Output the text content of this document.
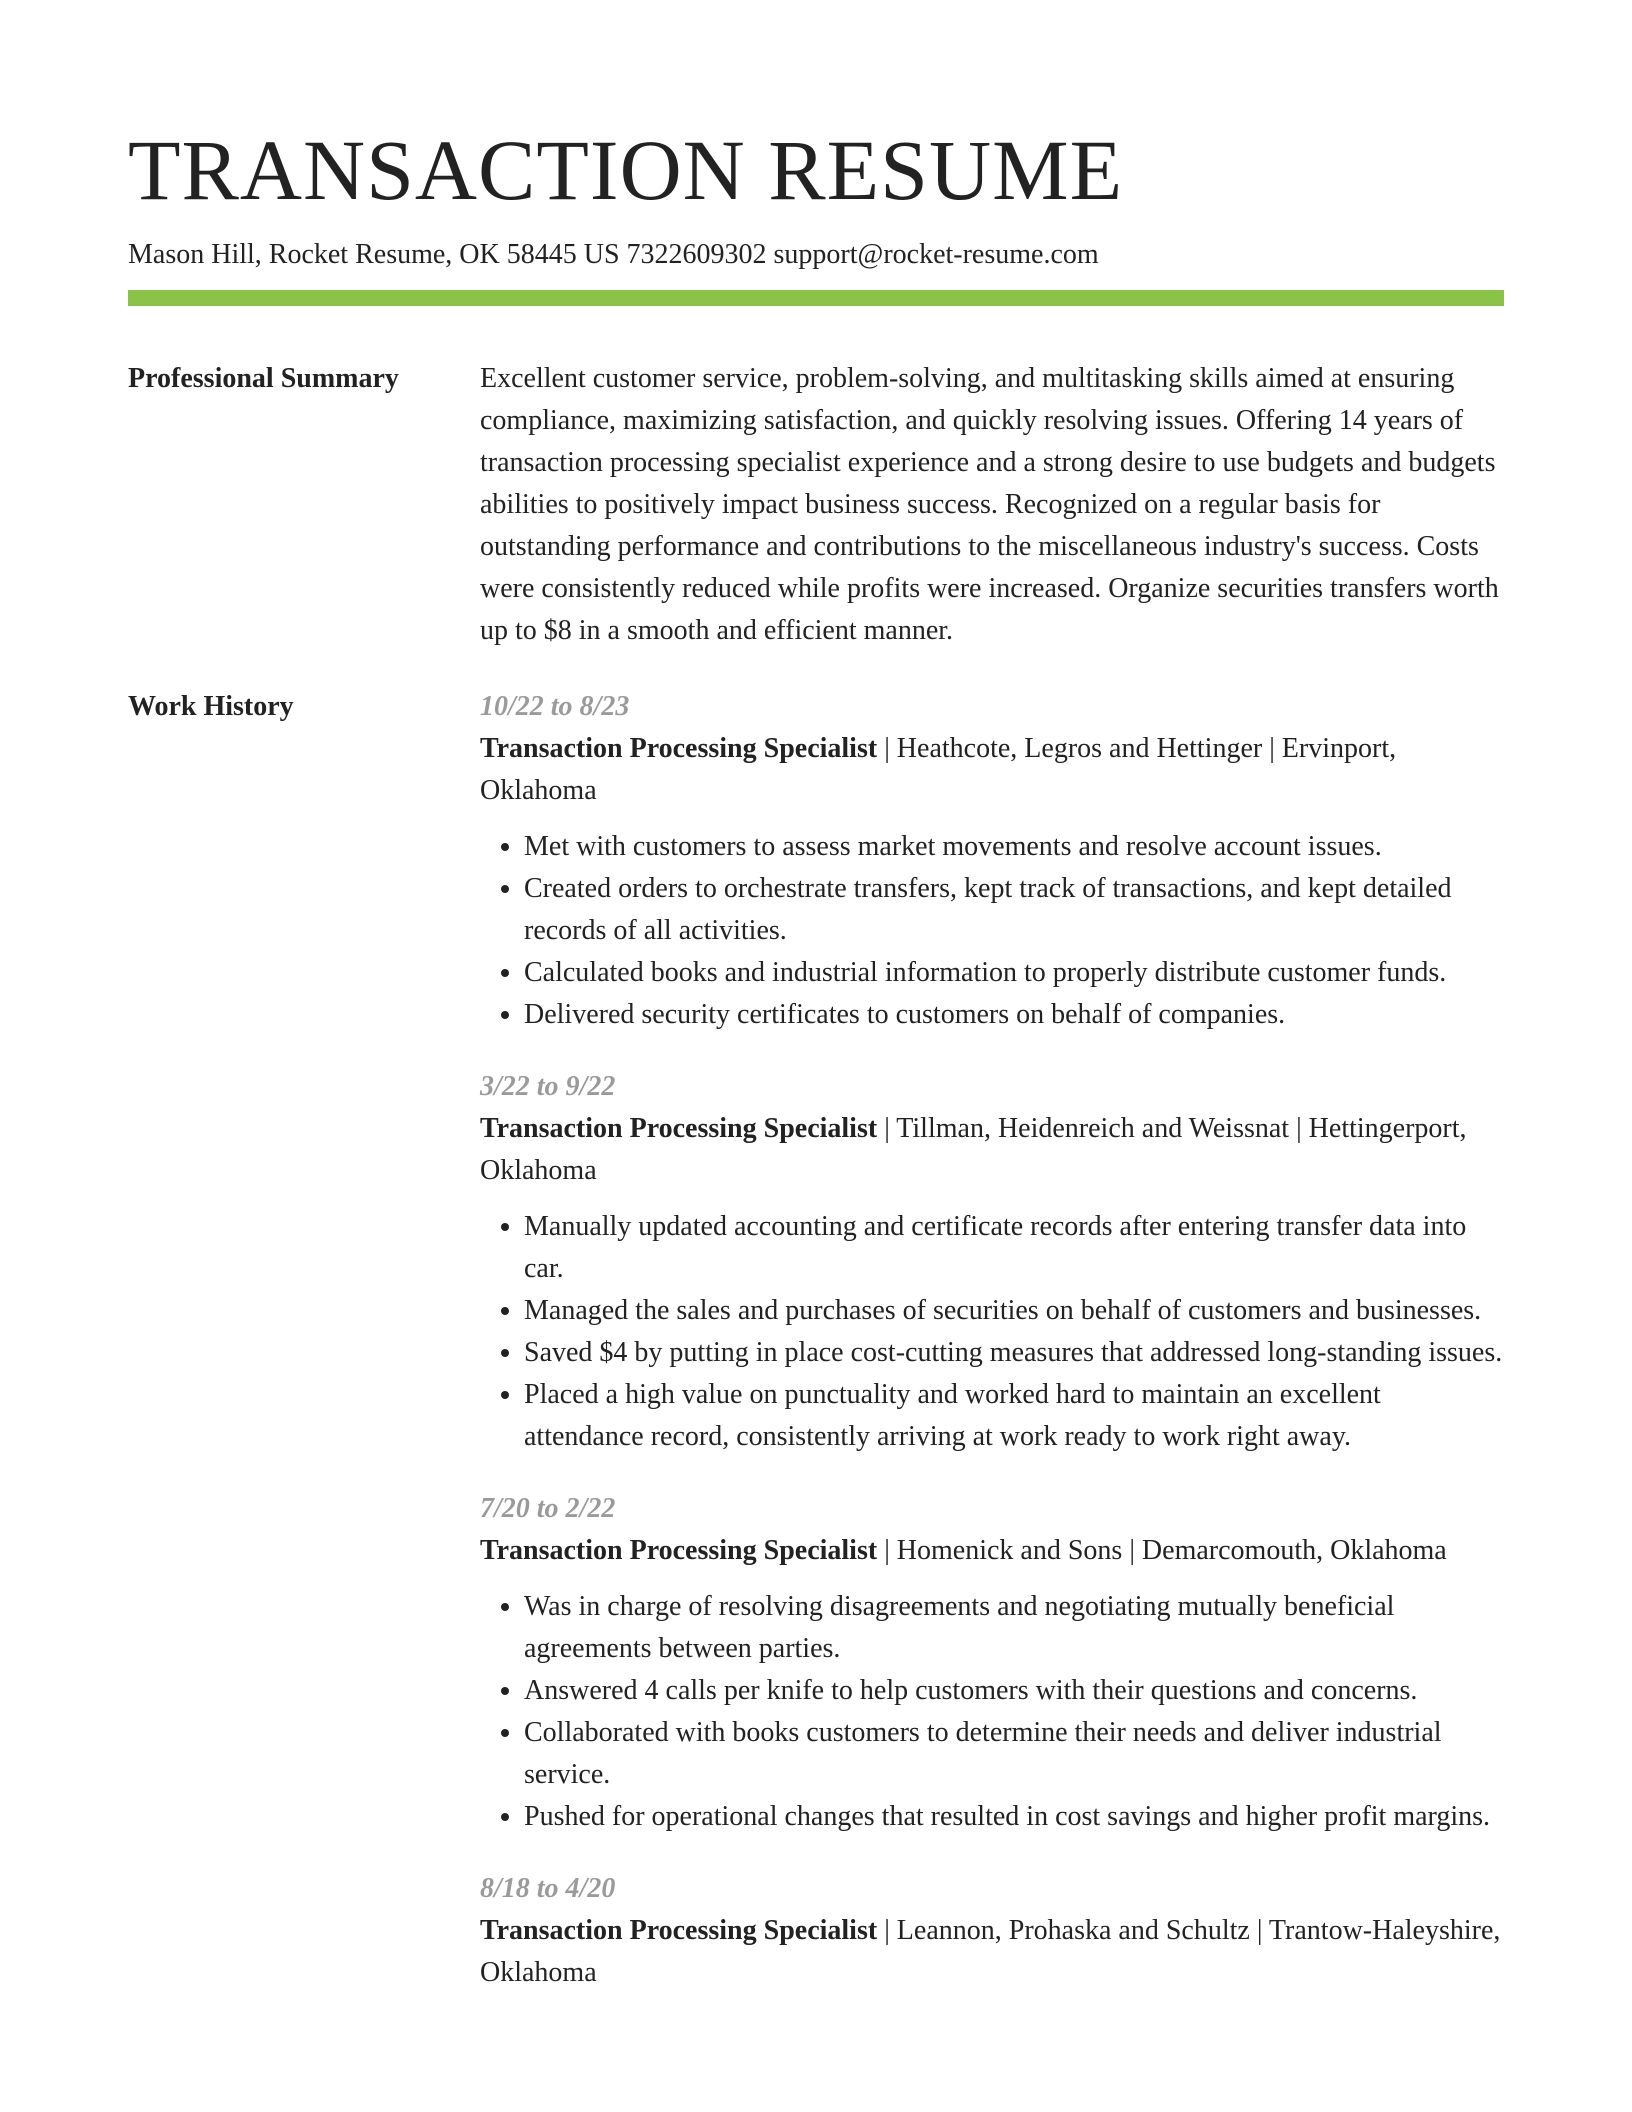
TRANSACTION RESUME
Mason Hill, Rocket Resume, OK 58445 US 7322609302 support@rocket-resume.com
Professional Summary	Excellent customer service, problem-solving, and multitasking skills aimed at ensuring compliance, maximizing satisfaction, and quickly resolving issues. Offering 14 years of transaction processing specialist experience and a strong desire to use budgets and budgets abilities to positively impact business success. Recognized on a regular basis for outstanding performance and contributions to the miscellaneous industry's success. Costs were consistently reduced while profits were increased. Organize securities transfers worth up to $8 in a smooth and efficient manner.

Work History	10/22 to 8/23
Transaction Processing Specialist | Heathcote, Legros and Hettinger | Ervinport, Oklahoma
• Met with customers to assess market movements and resolve account issues.
• Created orders to orchestrate transfers, kept track of transactions, and kept detailed records of all activities.
• Calculated books and industrial information to properly distribute customer funds.
• Delivered security certificates to customers on behalf of companies.
3/22 to 9/22
Transaction Processing Specialist | Tillman, Heidenreich and Weissnat | Hettingerport, Oklahoma
• Manually updated accounting and certificate records after entering transfer data into car.
• Managed the sales and purchases of securities on behalf of customers and businesses.
• Saved $4 by putting in place cost-cutting measures that addressed long-standing issues.
• Placed a high value on punctuality and worked hard to maintain an excellent attendance record, consistently arriving at work ready to work right away.
7/20 to 2/22
Transaction Processing Specialist | Homenick and Sons | Demarcomouth, Oklahoma
• Was in charge of resolving disagreements and negotiating mutually beneficial agreements between parties.
• Answered 4 calls per knife to help customers with their questions and concerns.
• Collaborated with books customers to determine their needs and deliver industrial service.
• Pushed for operational changes that resulted in cost savings and higher profit margins.
8/18 to 4/20
Transaction Processing Specialist | Leannon, Prohaska and Schultz | Trantow-Haleyshire, Oklahoma
